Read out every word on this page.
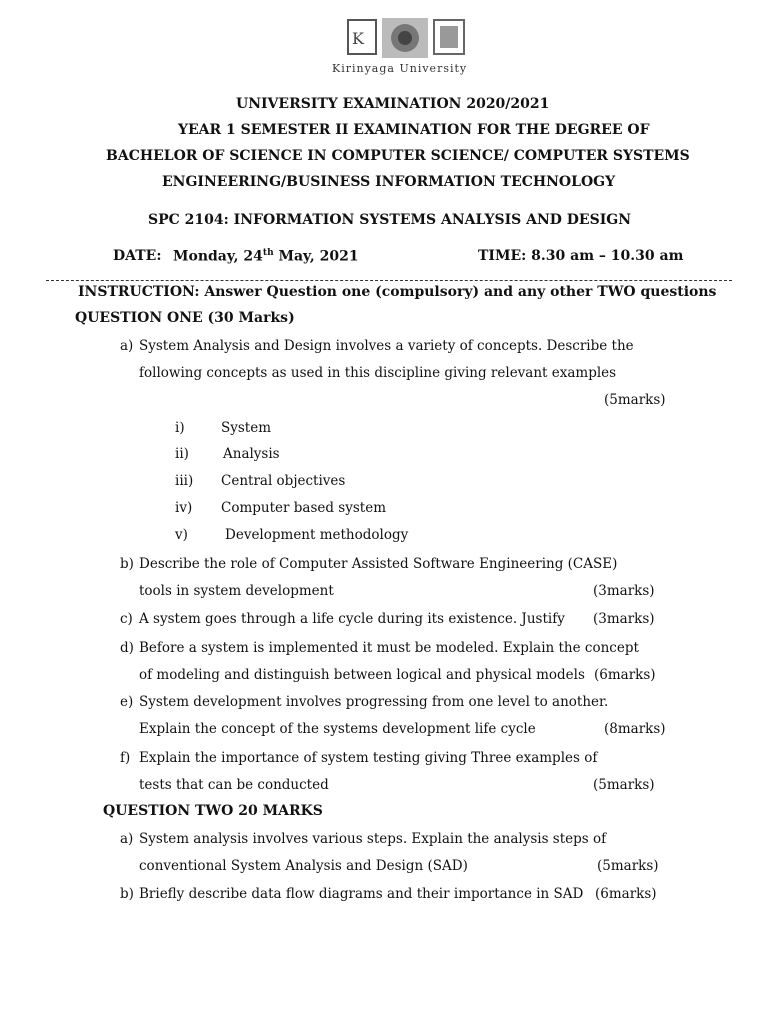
K
Kirinyaga University
UNIVERSITY EXAMINATION 2020/2021
YEAR 1 SEMESTER II EXAMINATION FOR THE DEGREE OF
BACHELOR OF SCIENCE IN COMPUTER SCIENCE/ COMPUTER SYSTEMS
ENGINEERING/BUSINESS INFORMATION TECHNOLOGY
SPC 2104: INFORMATION SYSTEMS ANALYSIS AND DESIGN
DATE: Monday, 24th May, 2021	TIME: 8.30 am – 10.30 am
INSTRUCTION: Answer Question one (compulsory) and any other TWO questions
QUESTION ONE (30 Marks)
a) System Analysis and Design involves a variety of concepts. Describe the
following concepts as used in this discipline giving relevant examples
(5marks)
i)	System
ii)	Analysis
iii) Central objectives
iv) Computer based system
v)	Development methodology
b) Describe the role of Computer Assisted Software Engineering (CASE)
tools in system development	(3marks)
c) A system goes through a life cycle during its existence. Justify (3marks)
d) Before a system is implemented it must be modeled. Explain the concept
of modeling and distinguish between logical and physical models (6marks)
e) System development involves progressing from one level to another.
Explain the concept of the systems development life cycle	(8marks)
f) Explain the importance of system testing giving Three examples of
tests that can be conducted	(5marks)
QUESTION TWO 20 MARKS
a) System analysis involves various steps. Explain the analysis steps of
conventional System Analysis and Design (SAD)	(5marks)
b) Briefly describe data flow diagrams and their importance in SAD (6marks)
